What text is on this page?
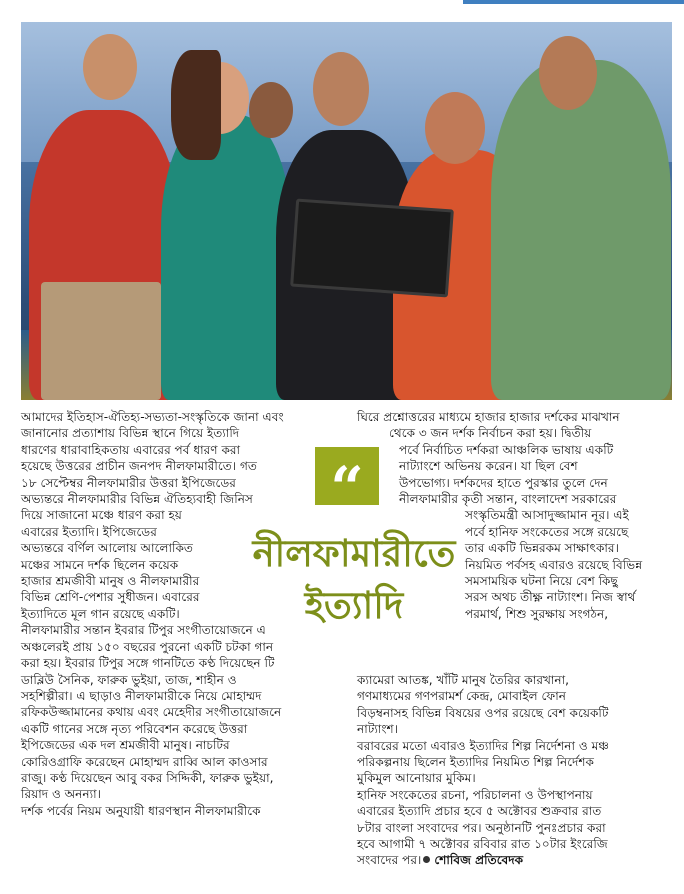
আমাদের ইতিহাস-ঐতিহ্য-সভ্যতা-সংস্কৃতিকে জানা এবং

জানানোর প্রত্যাশায় বিভিন্ন স্থানে গিয়ে ইত্যাদি

ধারণের ধারাবাহিকতায় এবারের পর্ব ধারণ করা

হয়েছে উত্তরের প্রাচীন জনপদ নীলফামারীতে। গত

১৮ সেপ্টেম্বর নীলফামারীর উত্তরা ইপিজেডের

অভ্যন্তরে নীলফামারীর বিভিন্ন ঐতিহ্যবাহী জিনিস

দিয়ে সাজানো মঞ্চে ধারণ করা হয়

এবারের ইত্যাদি। ইপিজেডের

অভ্যন্তরে বর্ণিল আলোয় আলোকিত

মঞ্চের সামনে দর্শক ছিলেন কয়েক

হাজার শ্রমজীবী মানুষ ও নীলফামারীর

বিভিন্ন শ্রেণি-পেশার সুধীজন। এবারের

ইত্যাদিতে মূল গান রয়েছে একটি।

নীলফামারীর সন্তান ইবরার টিপুর সংগীতায়োজনে এ

অঞ্চলেরই প্রায় ১৫০ বছরের পুরনো একটি চটকা গান

করা হয়। ইবরার টিপুর সঙ্গে গানটিতে কণ্ঠ দিয়েছেন টি

ডাব্লিউ সৈনিক, ফারুক ভুইয়া, তাজ, শাহীন ও

সহশিল্পীরা। এ ছাড়াও নীলফামারীকে নিয়ে মোহাম্মদ

রফিকউজ্জামানের কথায় এবং মেহেদীর সংগীতায়োজনে

একটি গানের সঙ্গে নৃত্য পরিবেশন করেছে উত্তরা

ইপিজেডের এক দল শ্রমজীবী মানুষ। নাচটির

কোরিওগ্রাফি করেছেন মোহাম্মদ রাব্বি আল কাওসার

রাজু। কণ্ঠ দিয়েছেন আবু বকর সিদ্দিকী, ফারুক ভুইয়া,

রিয়াদ ও অনন্যা।

দর্শক পর্বের নিয়ম অনুযায়ী ধারণস্থান নীলফামারীকে

ঘিরে প্রশ্নোত্তরের মাধ্যমে হাজার হাজার দর্শকের মাঝখান

থেকে ৩ জন দর্শক নির্বাচন করা হয়। দ্বিতীয়

পর্বে নির্বাচিত দর্শকরা আঞ্চলিক ভাষায় একটি

নাট্যাংশে অভিনয় করেন। যা ছিল বেশ

উপভোগ্য। দর্শকদের হাতে পুরস্কার তুলে দেন

নীলফামারীর কৃতী সন্তান, বাংলাদেশ সরকারের

সংস্কৃতিমন্ত্রী আসাদুজ্জামান নূর। এই

পর্বে হানিফ সংকেতের সঙ্গে রয়েছে

তার একটি ভিন্নরকম সাক্ষাৎকার।

নিয়মিত পর্বসহ এবারও রয়েছে বিভিন্ন

সমসাময়িক ঘটনা নিয়ে বেশ কিছু

সরস অথচ তীক্ষ্ণ নাট্যাংশ। নিজ স্বার্থ

পরমার্থ, শিশু সুরক্ষায় সংগঠন,

“
নীলফামারীতে
ইত্যাদি

ক্যামেরা আতঙ্ক, খাঁটি মানুষ তৈরির কারখানা,

গণমাধ্যমের গণপরামর্শ কেন্দ্র, মোবাইল ফোন

বিড়ম্বনাসহ বিভিন্ন বিষয়ের ওপর রয়েছে বেশ কয়েকটি

নাট্যাংশ।

বরাবরের মতো এবারও ইত্যাদির শিল্প নির্দেশনা ও মঞ্চ

পরিকল্পনায় ছিলেন ইত্যাদির নিয়মিত শিল্প নির্দেশক

মুকিমুল আনোয়ার মুকিম।

হানিফ সংকেতের রচনা, পরিচালনা ও উপস্থাপনায়

এবারের ইত্যাদি প্রচার হবে ৫ অক্টোবর শুক্রবার রাত

৮টার বাংলা সংবাদের পর। অনুষ্ঠানটি পুনঃপ্রচার করা

হবে আগামী ৭ অক্টোবর রবিবার রাত ১০টার ইংরেজি

সংবাদের পর। শোবিজ প্রতিবেদক
